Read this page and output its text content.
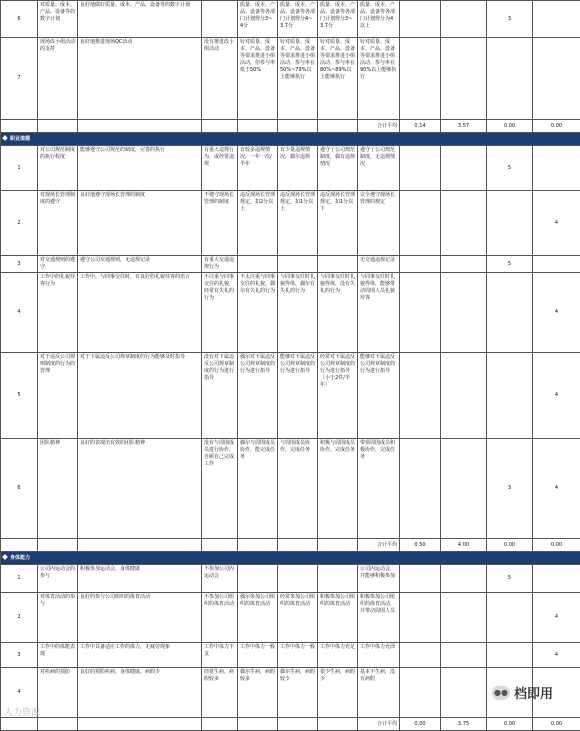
6	对质量、成本、产品、设备等的数字计划	良好地做好质量、成本、产品、设备等的数字计划		质量、成本、产品、设备等各部门计划得分3~4分	质量、成本、产品、设备等各部门计划得分4~3.7分	质量、成本、产品、设备等各部门计划得分3~3.7分	质量、成本、产品、设备等各部门计划得分为4以上			3		
7	现场改小组活动的支持	良好地推进现场QC活动	没有推进改小组活动	针对质量、成本、产品、设备等要求推进小组活动，但参与率低于50%	针对质量、成本、产品、设备等要求推进小组活动，参与率在50%~79%以上能够执行	针对质量、成本、产品、设备等要求推进小组活动，参与率在80%~89%以上能够执行	针对质量、成本、产品、设备等要求推进小组活动，参与率在90%以上能够执行					
							合计平均	0.14	3.57	0.00	0.00	
职业道德												
1	对公司规范制度的执行程度	能够遵守公司规范的制度，完善的执行	有重大违规行为，或经常违规	有较多违规情况，一年一次/半年	有少量违规情况，偶尔违规	遵守了公司规范制度，偶有违规情况	遵守了公司规范制度，无违规情况			5		
2	对现场长管理制度的遵守	良好地遵守现场长管理的制度	不遵守现场长管理的制度	违反现场长管理规定，扣2分以上	违反现场长管理规定，扣1分以上	违反现场长管理规定，扣1分以下	完全遵守现场长管理的规定				4	
3	对交通规则的遵守	遵守公司交通规则，无违规记录	有重大交通违规行为				无交通违规记录			5		
4	工作中的礼貌待客行为	工作中，与同事交往时，有良好的礼貌待客的语言	不注重与同事交往的礼貌，经常有失礼的行为	不太注重与同事交往的礼貌，偶尔有失礼的行为	与同事交往时礼貌得体，偶尔有失礼的行为	与同事交往时礼貌得体，没有失礼的行为	与同事交往时礼貌得体，能够带动周围人员礼貌待客				4	
5	对于违反公司规则制度的行为的管理	对于下属违反公司规章制度的行为能够及时指导	没有对下属违反公司规章制度的行为进行指导	偶尔对下属违反公司规章制度的行为进行指导	能够对下属违反公司规章制度的行为进行指导	经常对下属违反公司规章制度的行为进行指导（小于2件/半年）	能够对下属违反公司规章制度的行为进行指导				4	
6	团队精神	良好的表现出有效的团队精神	没有与周围成员进行协作，自顾自己完成工作	偶尔与周围成员协作，能完成任务	与周围成员协作，完成任务	积极与周围成员协作，完成任务	带领周围成员积极协作，完成任务			3	4	
							合计平均	0.50	4.00	0.00	0.00	
身体能力												
1	公司内运动会的参与	积极参加运动会，身体健康	不参加公司内运动会				公司内运动会，并能够积极参加			5		
2	对体育活动的参与	良好的参与公司组织的体育活动	不参加公司组织的体育活动	偶尔参加公司组织的体育活动	经常参加公司组织的体育活动	积极参加公司组织的体育活动	积极参加公司组织的体育活动，并带动周围人员				4	
3	工作中的体能表现	工作中具备适应工作的体力，无疲劳现象	工作中体力不支	工作中体力一般	工作中体力一般	工作中体力充足	工作中体力充沛				4	
4	对疾病的预防	良好的预防疾病，身体健康，病假少	经常生病，病假较多	偶尔生病，病假较多	偶尔生病，病假较少	很少生病，病假少	基本不生病，没有病假					
							合计平均	0.00	3.75	0.00	0.00	
人力资源
●● 档即用
